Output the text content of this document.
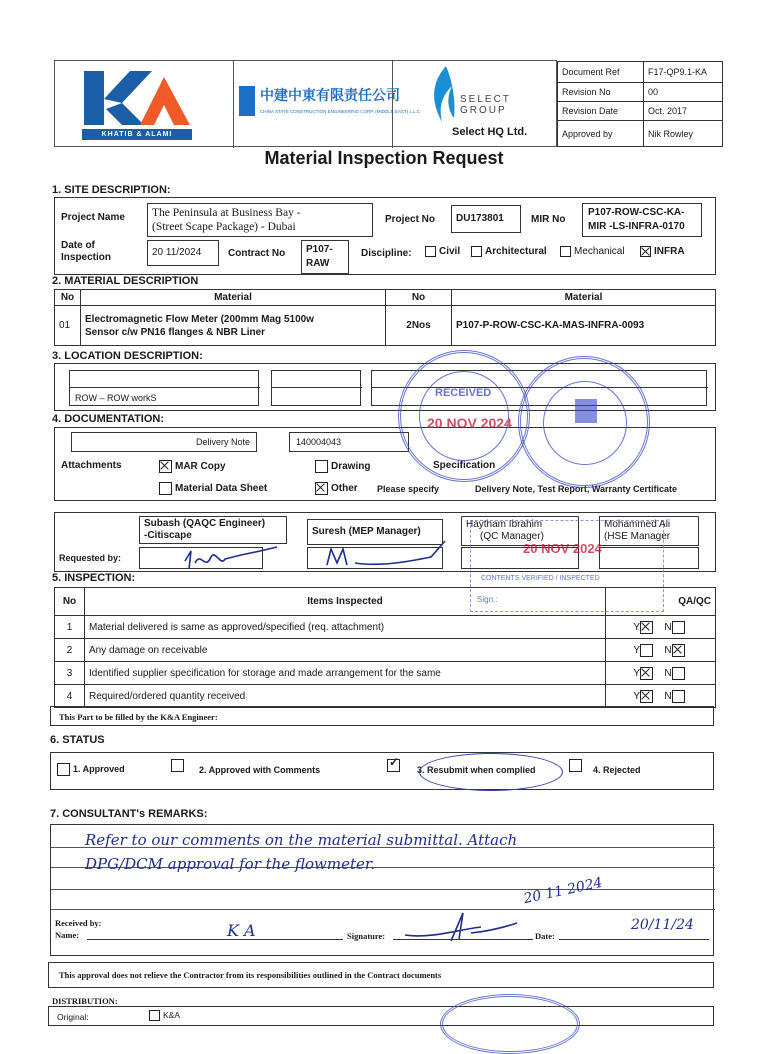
KHATIB & ALAMI
中建中東有限责任公司
CHINA STATE CONSTRUCTION ENGINEERING CORP. (MIDDLE EAST) L.L.C
SELECT
GROUP
Select HQ Ltd.
Document Ref	F17-QP9.1-KA
Revision No	00
Revision Date	Oct. 2017
Approved by	Nik Rowley
Material Inspection Request
1. SITE DESCRIPTION:
Project Name The Peninsula at Business Bay -
(Street Scape Package) - Dubai
Project No	DU173801	MIR No
P107-ROW-CSC-KA-
MIR -LS-INFRA-0170
Date of
Inspection	20 11/2024	Contract No P107-
RAW
Discipline:	Civil	Architectural	Mechanical	INFRA
2. MATERIAL DESCRIPTION
No	Material	No	Material
01	Electromagnetic Flow Meter (200mm Mag 5100w
Sensor c/w PN16 flanges & NBR Liner	2Nos	P107-P-ROW-CSC-KA-MAS-INFRA-0093
3. LOCATION DESCRIPTION:
ROW – ROW workS
4. DOCUMENTATION:
Delivery Note	140004043
Attachments	MAR Copy	Drawing	Specification
Material Data Sheet	Other Please specify	Delivery Note, Test Report, Warranty Certificate
Requested by:
Subash (QAQC Engineer)
-Citiscape	Suresh (MEP Manager)
Haytham Ibrahim
(QC Manager)
Mohammed Ali
(HSE Manager
5. INSPECTION:
No	Items Inspected	QA/QC
1	Material delivered is same as approved/specified (req. attachment)	Y N
2	Any damage on receivable	Y N
3	Identified supplier specification for storage and made arrangement for the same	Y N
4	Required/ordered quantity received	Y N
This Part to be filled by the K&A Engineer:
6. STATUS
1. Approved	2. Approved with Comments ✓	3. Resubmit when complied	4. Rejected
7. CONSULTANT's REMARKS:
Refer to our comments on the material submittal. Attach
DPG/DCM approval for the flowmeter.
20 11 2024
Received by:
Name:	K A	Signature:	Date:
20/11/24
This approval does not relieve the Contractor from its responsibilities outlined in the Contract documents
DISTRIBUTION:
Original:	K&A
RECEIVED
20 NOV 2024
20 NOV 2024
CONTENTS VERIFIED / INSPECTED
Sign.:
